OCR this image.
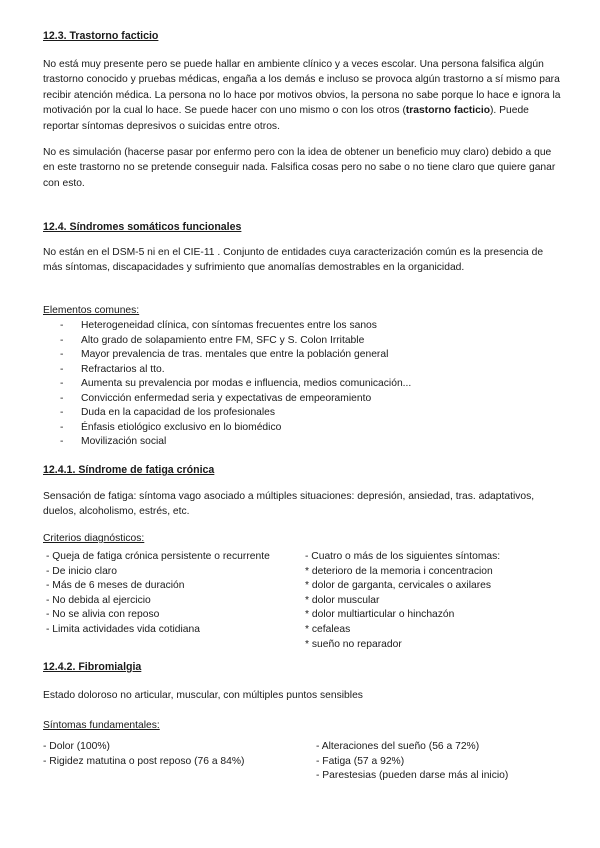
12.3. Trastorno facticio

No está muy presente pero se puede hallar en ambiente clínico y a veces escolar. Una persona falsifica algún trastorno conocido y pruebas médicas, engaña a los demás e incluso se provoca algún trastorno a sí mismo para recibir atención médica. La persona no lo hace por motivos obvios, la persona no sabe porque lo hace e ignora la motivación por la cual lo hace. Se puede hacer con uno mismo o con los otros (trastorno facticio). Puede reportar síntomas depresivos o suicidas entre otros.

No es simulación (hacerse pasar por enfermo pero con la idea de obtener un beneficio muy claro) debido a que en este trastorno no se pretende conseguir nada. Falsifica cosas pero no sabe o no tiene claro que quiere ganar con esto.

12.4. Síndromes somáticos funcionales

No están en el DSM-5 ni en el CIE-11 . Conjunto de entidades cuya caracterización común es la presencia de más síntomas, discapacidades y sufrimiento que anomalías demostrables en la organicidad.

Elementos comunes:
- Heterogeneidad clínica, con síntomas frecuentes entre los sanos
- Alto grado de solapamiento entre FM, SFC y S. Colon Irritable
- Mayor prevalencia de tras. mentales que entre la población general
- Refractarios al tto.
- Aumenta su prevalencia por modas e influencia, medios comunicación...
- Convicción enfermedad seria y expectativas de empeoramiento
- Duda en la capacidad de los profesionales
- Énfasis etiológico exclusivo en lo biomédico
- Movilización social
12.4.1. Síndrome de fatiga crónica

Sensación de fatiga: síntoma vago asociado a múltiples situaciones: depresión, ansiedad, tras. adaptativos, duelos, alcoholismo, estrés, etc.

Criterios diagnósticos:
- Queja de fatiga crónica persistente o recurrente
- De inicio claro
- Más de 6 meses de duración
- No debida al ejercicio
- No se alivia con reposo
- Limita actividades vida cotidiana
- Cuatro o más de los siguientes síntomas:
* deterioro de la memoria i concentracion
* dolor de garganta, cervicales o axilares
* dolor muscular
* dolor multiarticular o hinchazón
* cefaleas
* sueño no reparador
12.4.2. Fibromialgia

Estado doloroso no articular, muscular, con múltiples puntos sensibles

Síntomas fundamentales:
- Dolor (100%)
- Rigidez matutina o post reposo (76 a 84%)
- Alteraciones del sueño (56 a 72%)
- Fatiga (57 a 92%)
- Parestesias (pueden darse más al inicio)
